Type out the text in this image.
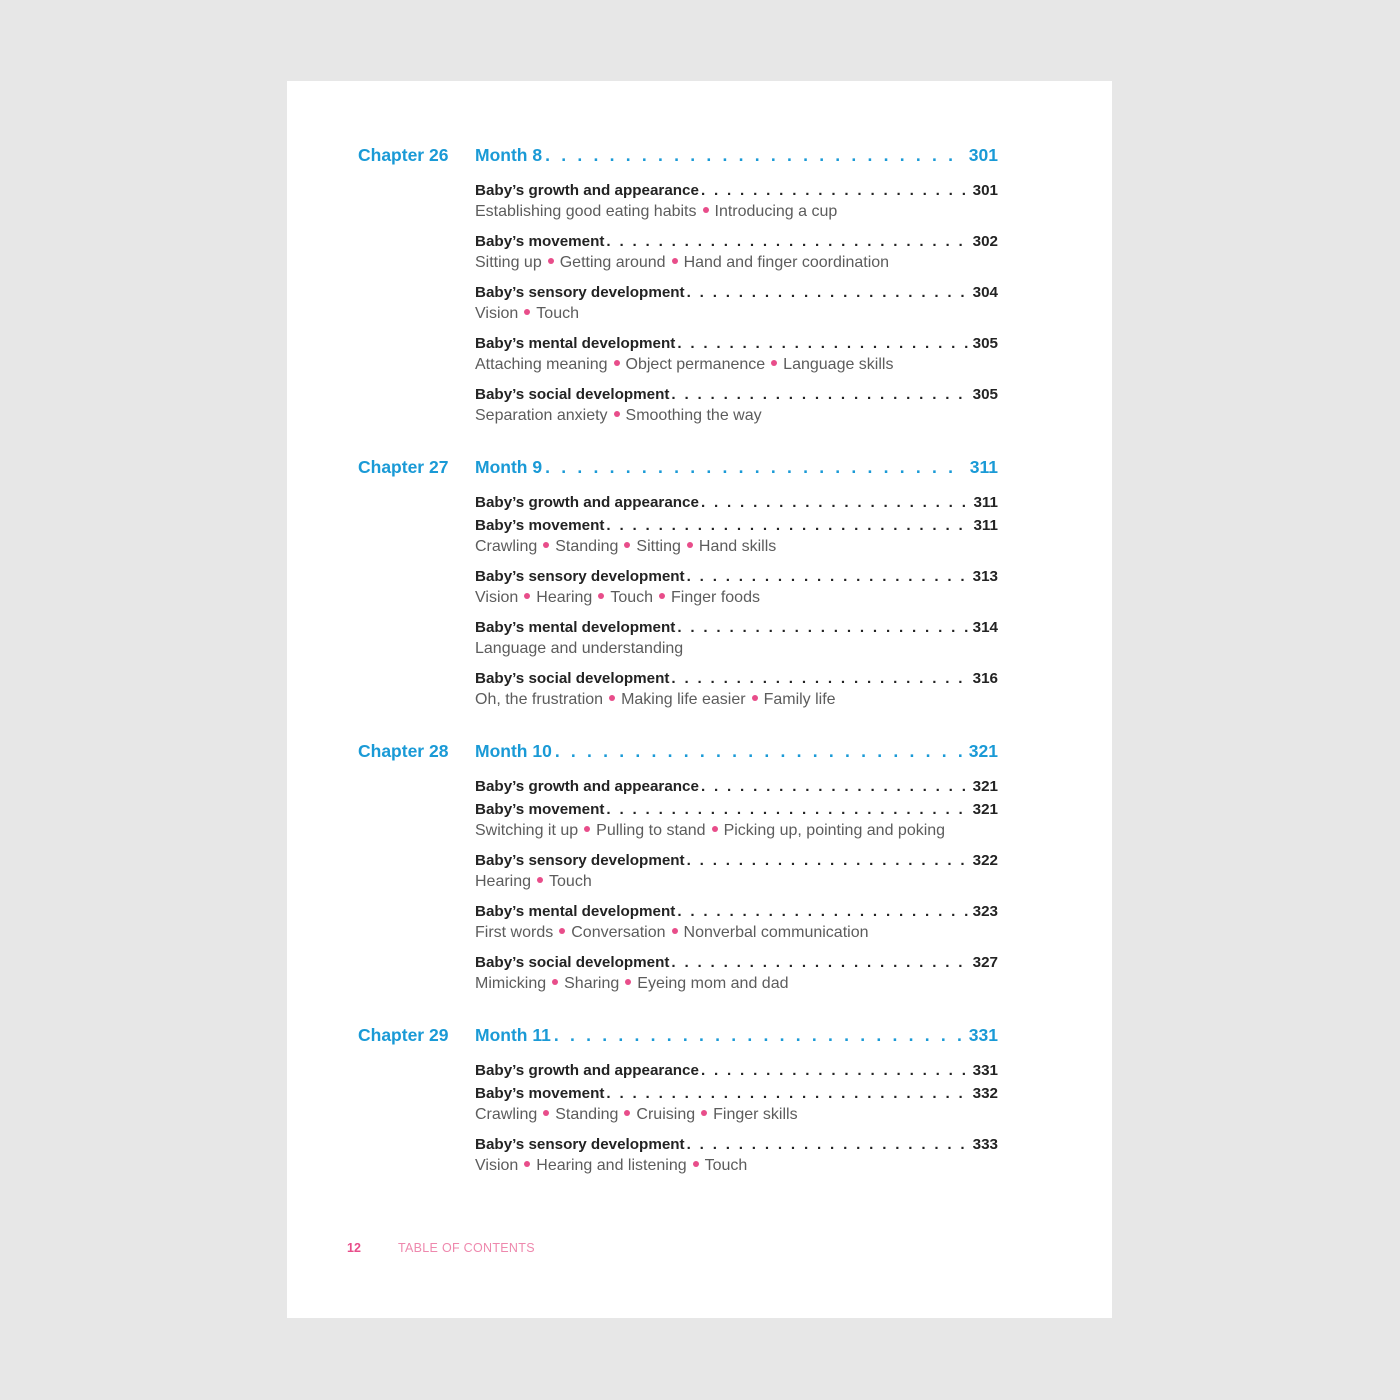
Chapter 26 Month 8 . . .	301
Baby’s growth and appearance . . .	301
Establishing good eating habits Introducing a cup
Baby’s movement . . .	302
Sitting up Getting around Hand and finger coordination
Baby’s sensory development . . .	304
Vision Touch
Baby’s mental development . . .	305
Attaching meaning Object permanence Language skills
Baby’s social development . . .	305
Separation anxiety Smoothing the way
Chapter 27 Month 9 . . .	311
Baby’s growth and appearance . . .	311
Baby’s movement . . .	311
Crawling Standing Sitting Hand skills
Baby’s sensory development . . .	313
Vision Hearing Touch Finger foods
Baby’s mental development . . .	314
Language and understanding
Baby’s social development . . .	316
Oh, the frustration Making life easier Family life
Chapter 28 Month 10 . . .	321
Baby’s growth and appearance . . .	321
Baby’s movement . . .	321
Switching it up Pulling to stand Picking up, pointing and poking
Baby’s sensory development . . .	322
Hearing Touch
Baby’s mental development . . .	323
First words Conversation Nonverbal communication
Baby’s social development . . .	327
Mimicking Sharing Eyeing mom and dad
Chapter 29 Month 11 . . .	331
Baby’s growth and appearance . . .	331
Baby’s movement . . .	332
Crawling Standing Cruising Finger skills
Baby’s sensory development . . .	333
Vision Hearing and listening Touch
12	TABLE OF CONTENTS
